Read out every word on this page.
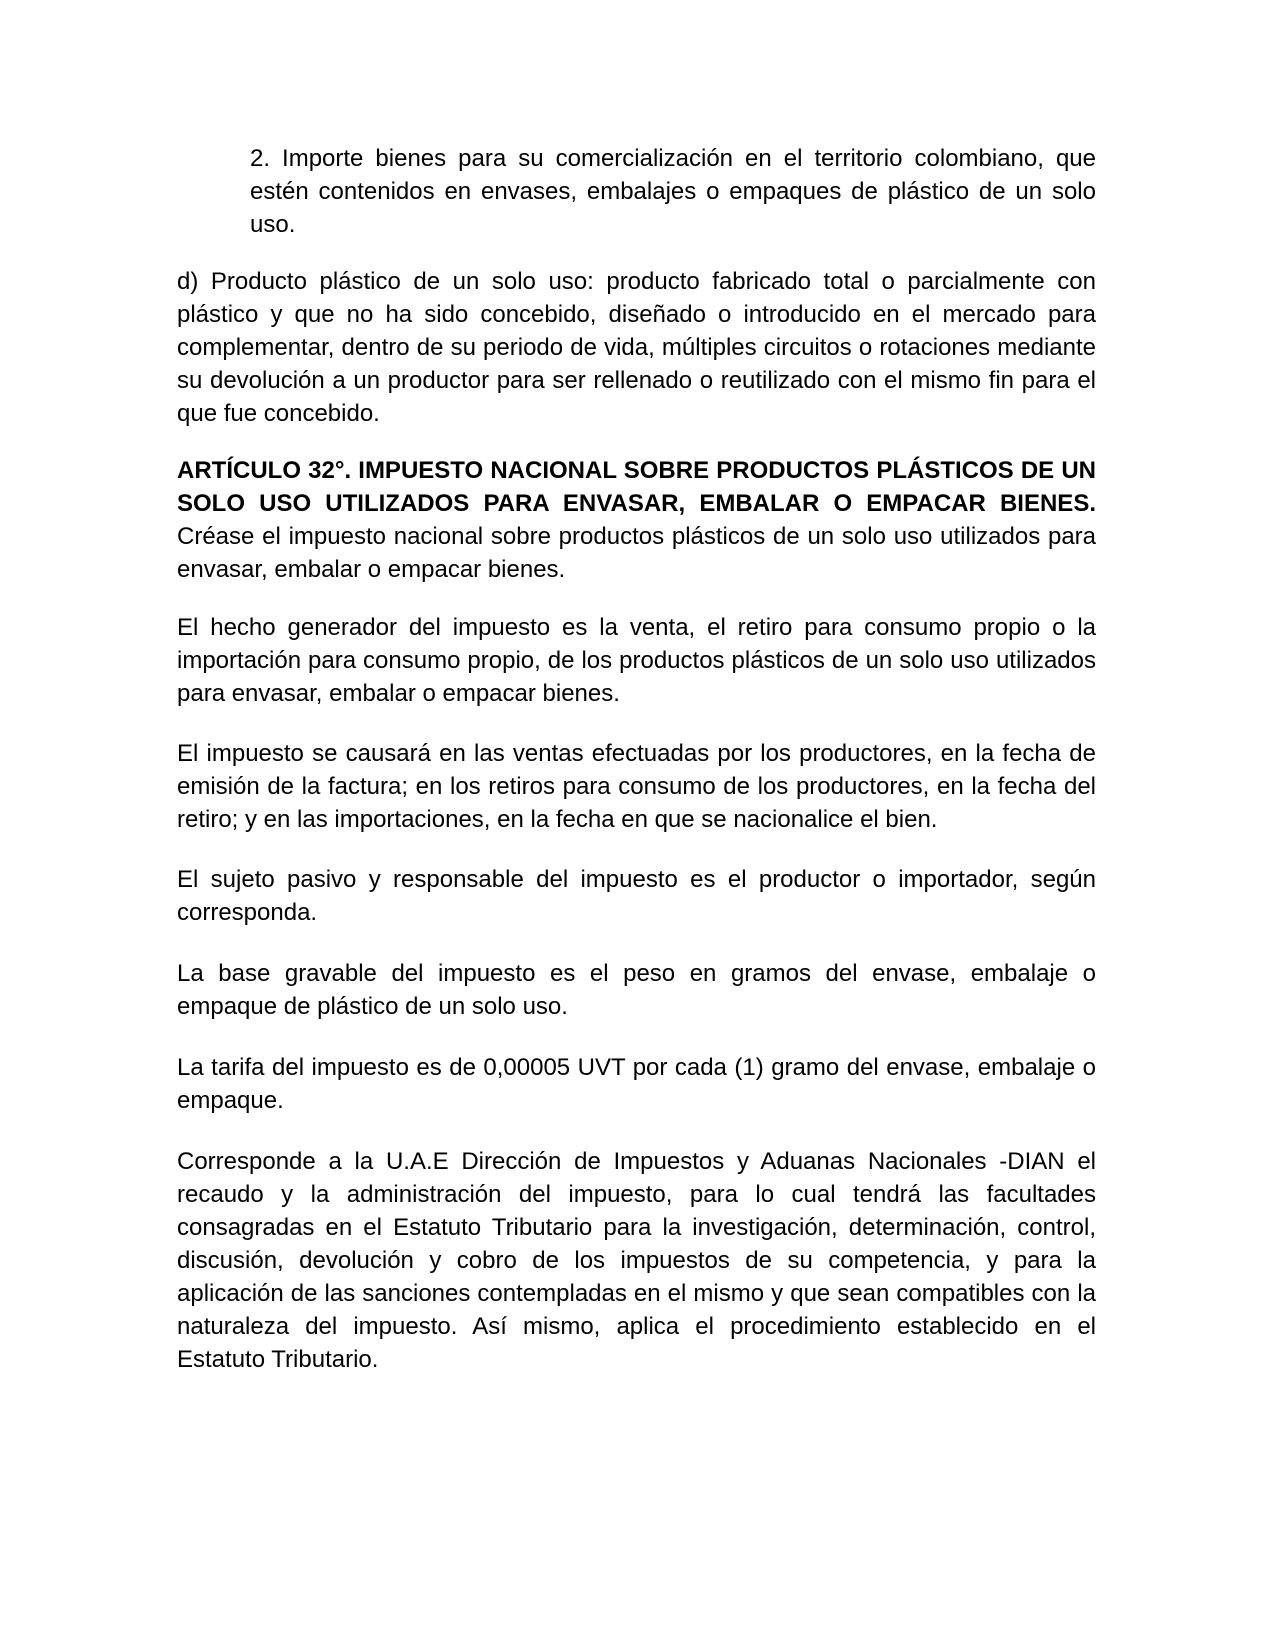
2. Importe bienes para su comercialización en el territorio colombiano, que estén contenidos en envases, embalajes o empaques de plástico de un solo uso.

d) Producto plástico de un solo uso: producto fabricado total o parcialmente con plástico y que no ha sido concebido, diseñado o introducido en el mercado para complementar, dentro de su periodo de vida, múltiples circuitos o rotaciones mediante su devolución a un productor para ser rellenado o reutilizado con el mismo fin para el que fue concebido.

ARTÍCULO 32°. IMPUESTO NACIONAL SOBRE PRODUCTOS PLÁSTICOS DE UN SOLO USO UTILIZADOS PARA ENVASAR, EMBALAR O EMPACAR BIENES. Créase el impuesto nacional sobre productos plásticos de un solo uso utilizados para envasar, embalar o empacar bienes.

El hecho generador del impuesto es la venta, el retiro para consumo propio o la importación para consumo propio, de los productos plásticos de un solo uso utilizados para envasar, embalar o empacar bienes.

El impuesto se causará en las ventas efectuadas por los productores, en la fecha de emisión de la factura; en los retiros para consumo de los productores, en la fecha del retiro; y en las importaciones, en la fecha en que se nacionalice el bien.

El sujeto pasivo y responsable del impuesto es el productor o importador, según corresponda.

La base gravable del impuesto es el peso en gramos del envase, embalaje o empaque de plástico de un solo uso.

La tarifa del impuesto es de 0,00005 UVT por cada (1) gramo del envase, embalaje o empaque.

Corresponde a la U.A.E Dirección de Impuestos y Aduanas Nacionales -DIAN el recaudo y la administración del impuesto, para lo cual tendrá las facultades consagradas en el Estatuto Tributario para la investigación, determinación, control, discusión, devolución y cobro de los impuestos de su competencia, y para la aplicación de las sanciones contempladas en el mismo y que sean compatibles con la naturaleza del impuesto. Así mismo, aplica el procedimiento establecido en el Estatuto Tributario.
